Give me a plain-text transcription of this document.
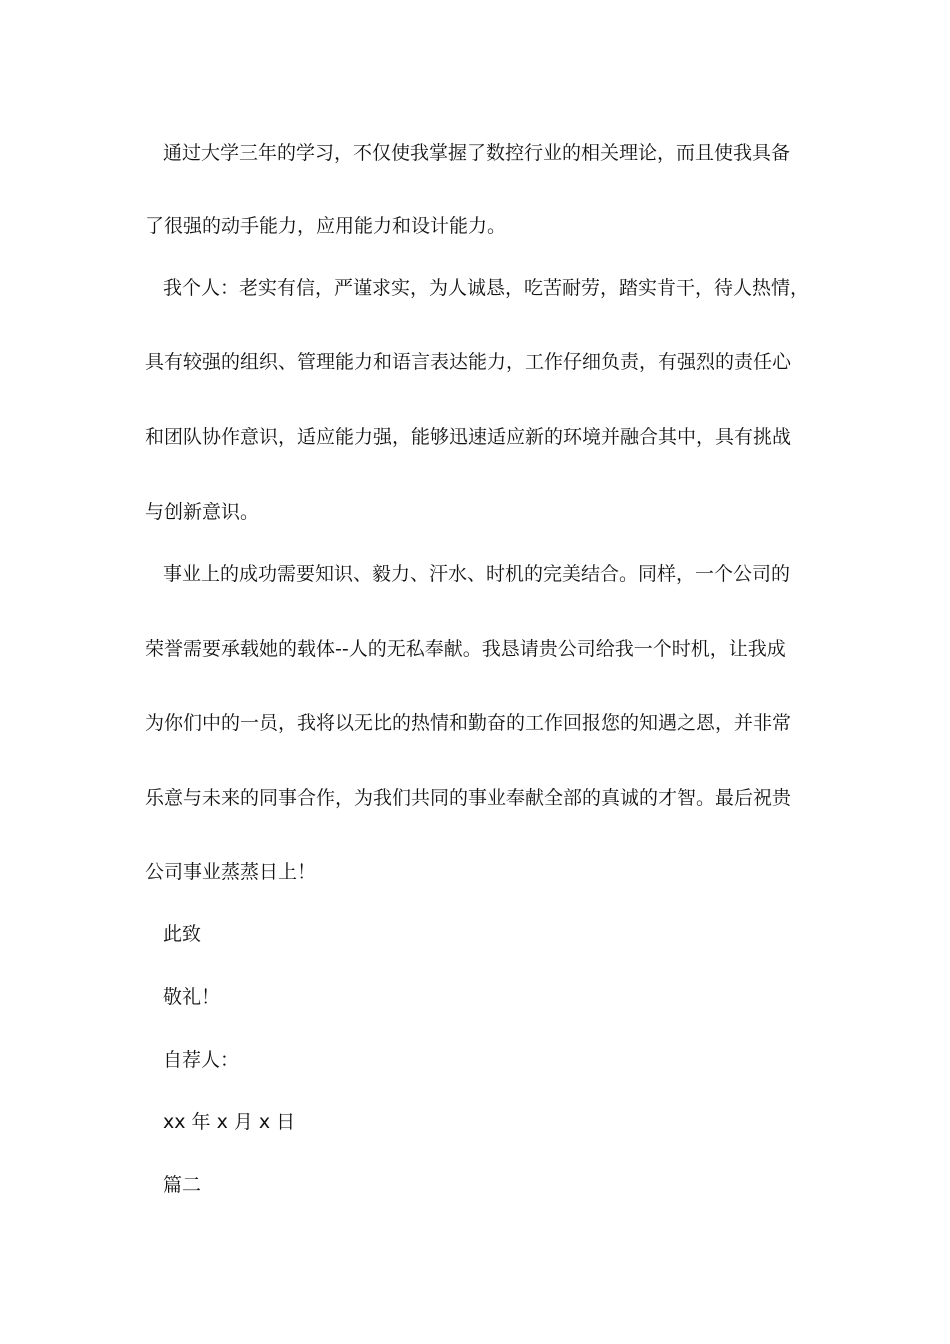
通过大学三年的学习，不仅使我掌握了数控行业的相关理论，而且使我具备
了很强的动手能力，应用能力和设计能力。
我个人：老实有信，严谨求实，为人诚恳，吃苦耐劳，踏实肯干，待人热情，
具有较强的组织、管理能力和语言表达能力，工作仔细负责，有强烈的责任心
和团队协作意识，适应能力强，能够迅速适应新的环境并融合其中，具有挑战
与创新意识。
事业上的成功需要知识、毅力、汗水、时机的完美结合。同样，一个公司的
荣誉需要承载她的载体--人的无私奉献。我恳请贵公司给我一个时机，让我成
为你们中的一员，我将以无比的热情和勤奋的工作回报您的知遇之恩，并非常
乐意与未来的同事合作，为我们共同的事业奉献全部的真诚的才智。最后祝贵
公司事业蒸蒸日上！
此致
敬礼！
自荐人：
xx 年 x 月 x 日
篇二
